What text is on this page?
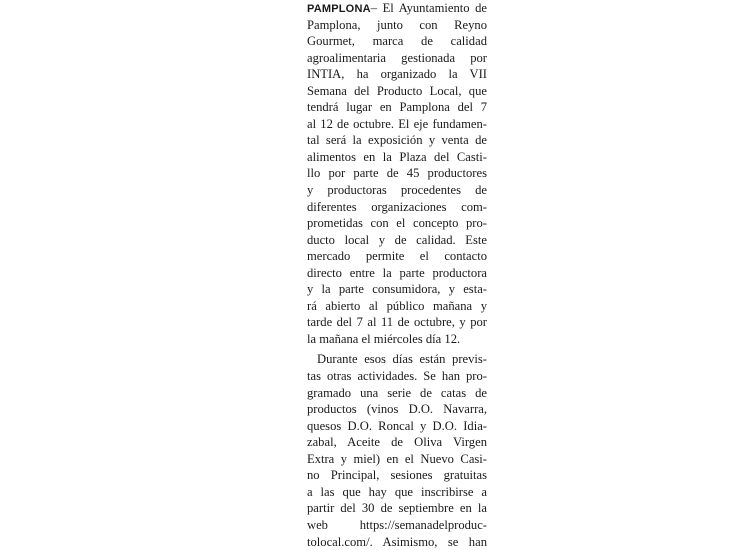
PAMPLONA– El Ayuntamiento de
Pamplona, junto con Reyno
Gourmet, marca de calidad
agroalimentaria gestionada por
INTIA, ha organizado la VII
Semana del Producto Local, que
tendrá lugar en Pamplona del 7
al 12 de octubre. El eje fundamen-
tal será la exposición y venta de
alimentos en la Plaza del Casti-
llo por parte de 45 productores
y productoras procedentes de
diferentes organizaciones com-
prometidas con el concepto pro-
ducto local y de calidad. Este
mercado permite el contacto
directo entre la parte productora
y la parte consumidora, y esta-
rá abierto al público mañana y
tarde del 7 al 11 de octubre, y por
la mañana el miércoles día 12.
Durante esos días están previs-
tas otras actividades. Se han pro-
gramado una serie de catas de
productos (vinos D.O. Navarra,
quesos D.O. Roncal y D.O. Idia-
zabal, Aceite de Oliva Virgen
Extra y miel) en el Nuevo Casi-
no Principal, sesiones gratuitas
a las que hay que inscribirse a
partir del 30 de septiembre en la
web https://semanadelproduc-
tolocal.com/. Asimismo, se han
